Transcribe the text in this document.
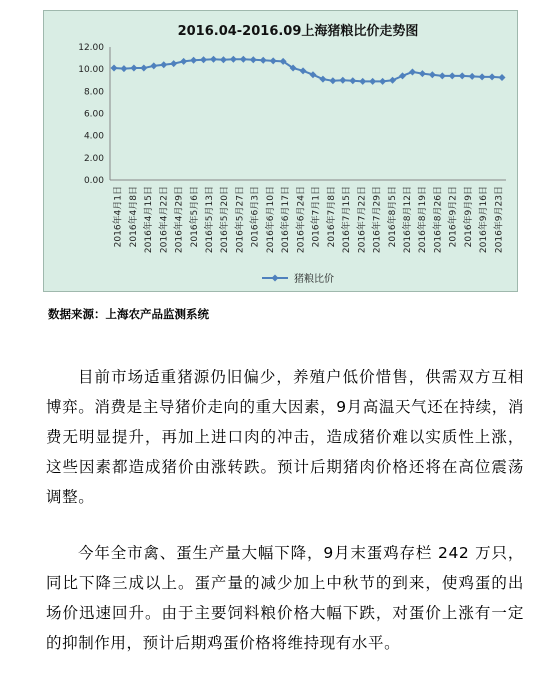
2016.04-2016.09上海猪粮比价走势图
0.00
2.00
4.00
6.00
8.00
10.00
12.00
2016年4月1日 2016年4月8日 2016年4月15日 2016年4月22日 2016年4月29日 2016年5月6日 2016年5月13日 2016年5月20日 2016年5月27日 2016年6月3日 2016年6月10日 2016年6月17日 2016年6月24日 2016年7月1日 2016年7月8日 2016年7月15日 2016年7月22日 2016年7月29日 2016年8月5日 2016年8月12日 2016年8月19日 2016年8月26日 2016年9月2日 2016年9月9日 2016年9月16日 2016年9月23日
猪粮比价
数据来源：上海农产品监测系统

目前市场适重猪源仍旧偏少，养殖户低价惜售，供需双方互相博弈。消费是主导猪价走向的重大因素，9月高温天气还在持续，消费无明显提升，再加上进口肉的冲击，造成猪价难以实质性上涨，这些因素都造成猪价由涨转跌。预计后期猪肉价格还将在高位震荡调整。

今年全市禽、蛋生产量大幅下降，9月末蛋鸡存栏 242 万只，同比下降三成以上。蛋产量的减少加上中秋节的到来，使鸡蛋的出场价迅速回升。由于主要饲料粮价格大幅下跌，对蛋价上涨有一定的抑制作用，预计后期鸡蛋价格将维持现有水平。
